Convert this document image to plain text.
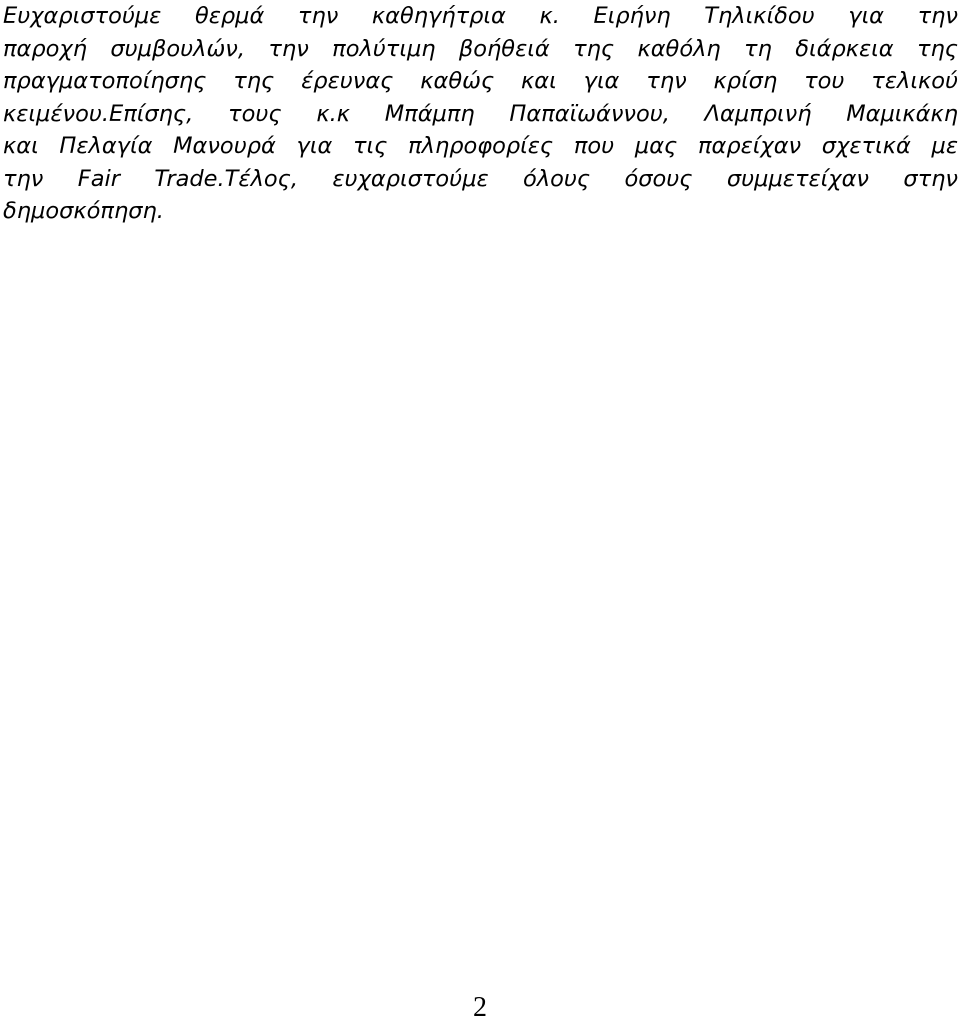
Ευχαριστούμε θερμά την καθηγήτρια κ. Ειρήνη Τηλικίδου για την
παροχή συμβουλών, την πολύτιμη βοήθειά της καθόλη τη διάρκεια της
πραγματοποίησης της έρευνας καθώς και για την κρίση του τελικού
κειμένου.Επίσης, τους κ.κ Μπάμπη Παπαϊωάννου, Λαμπρινή Μαμικάκη
και Πελαγία Μανουρά για τις πληροφορίες που μας παρείχαν σχετικά με
την Fair Trade.Τέλος, ευχαριστούμε όλους όσους συμμετείχαν στην
δημοσκόπηση.

2
